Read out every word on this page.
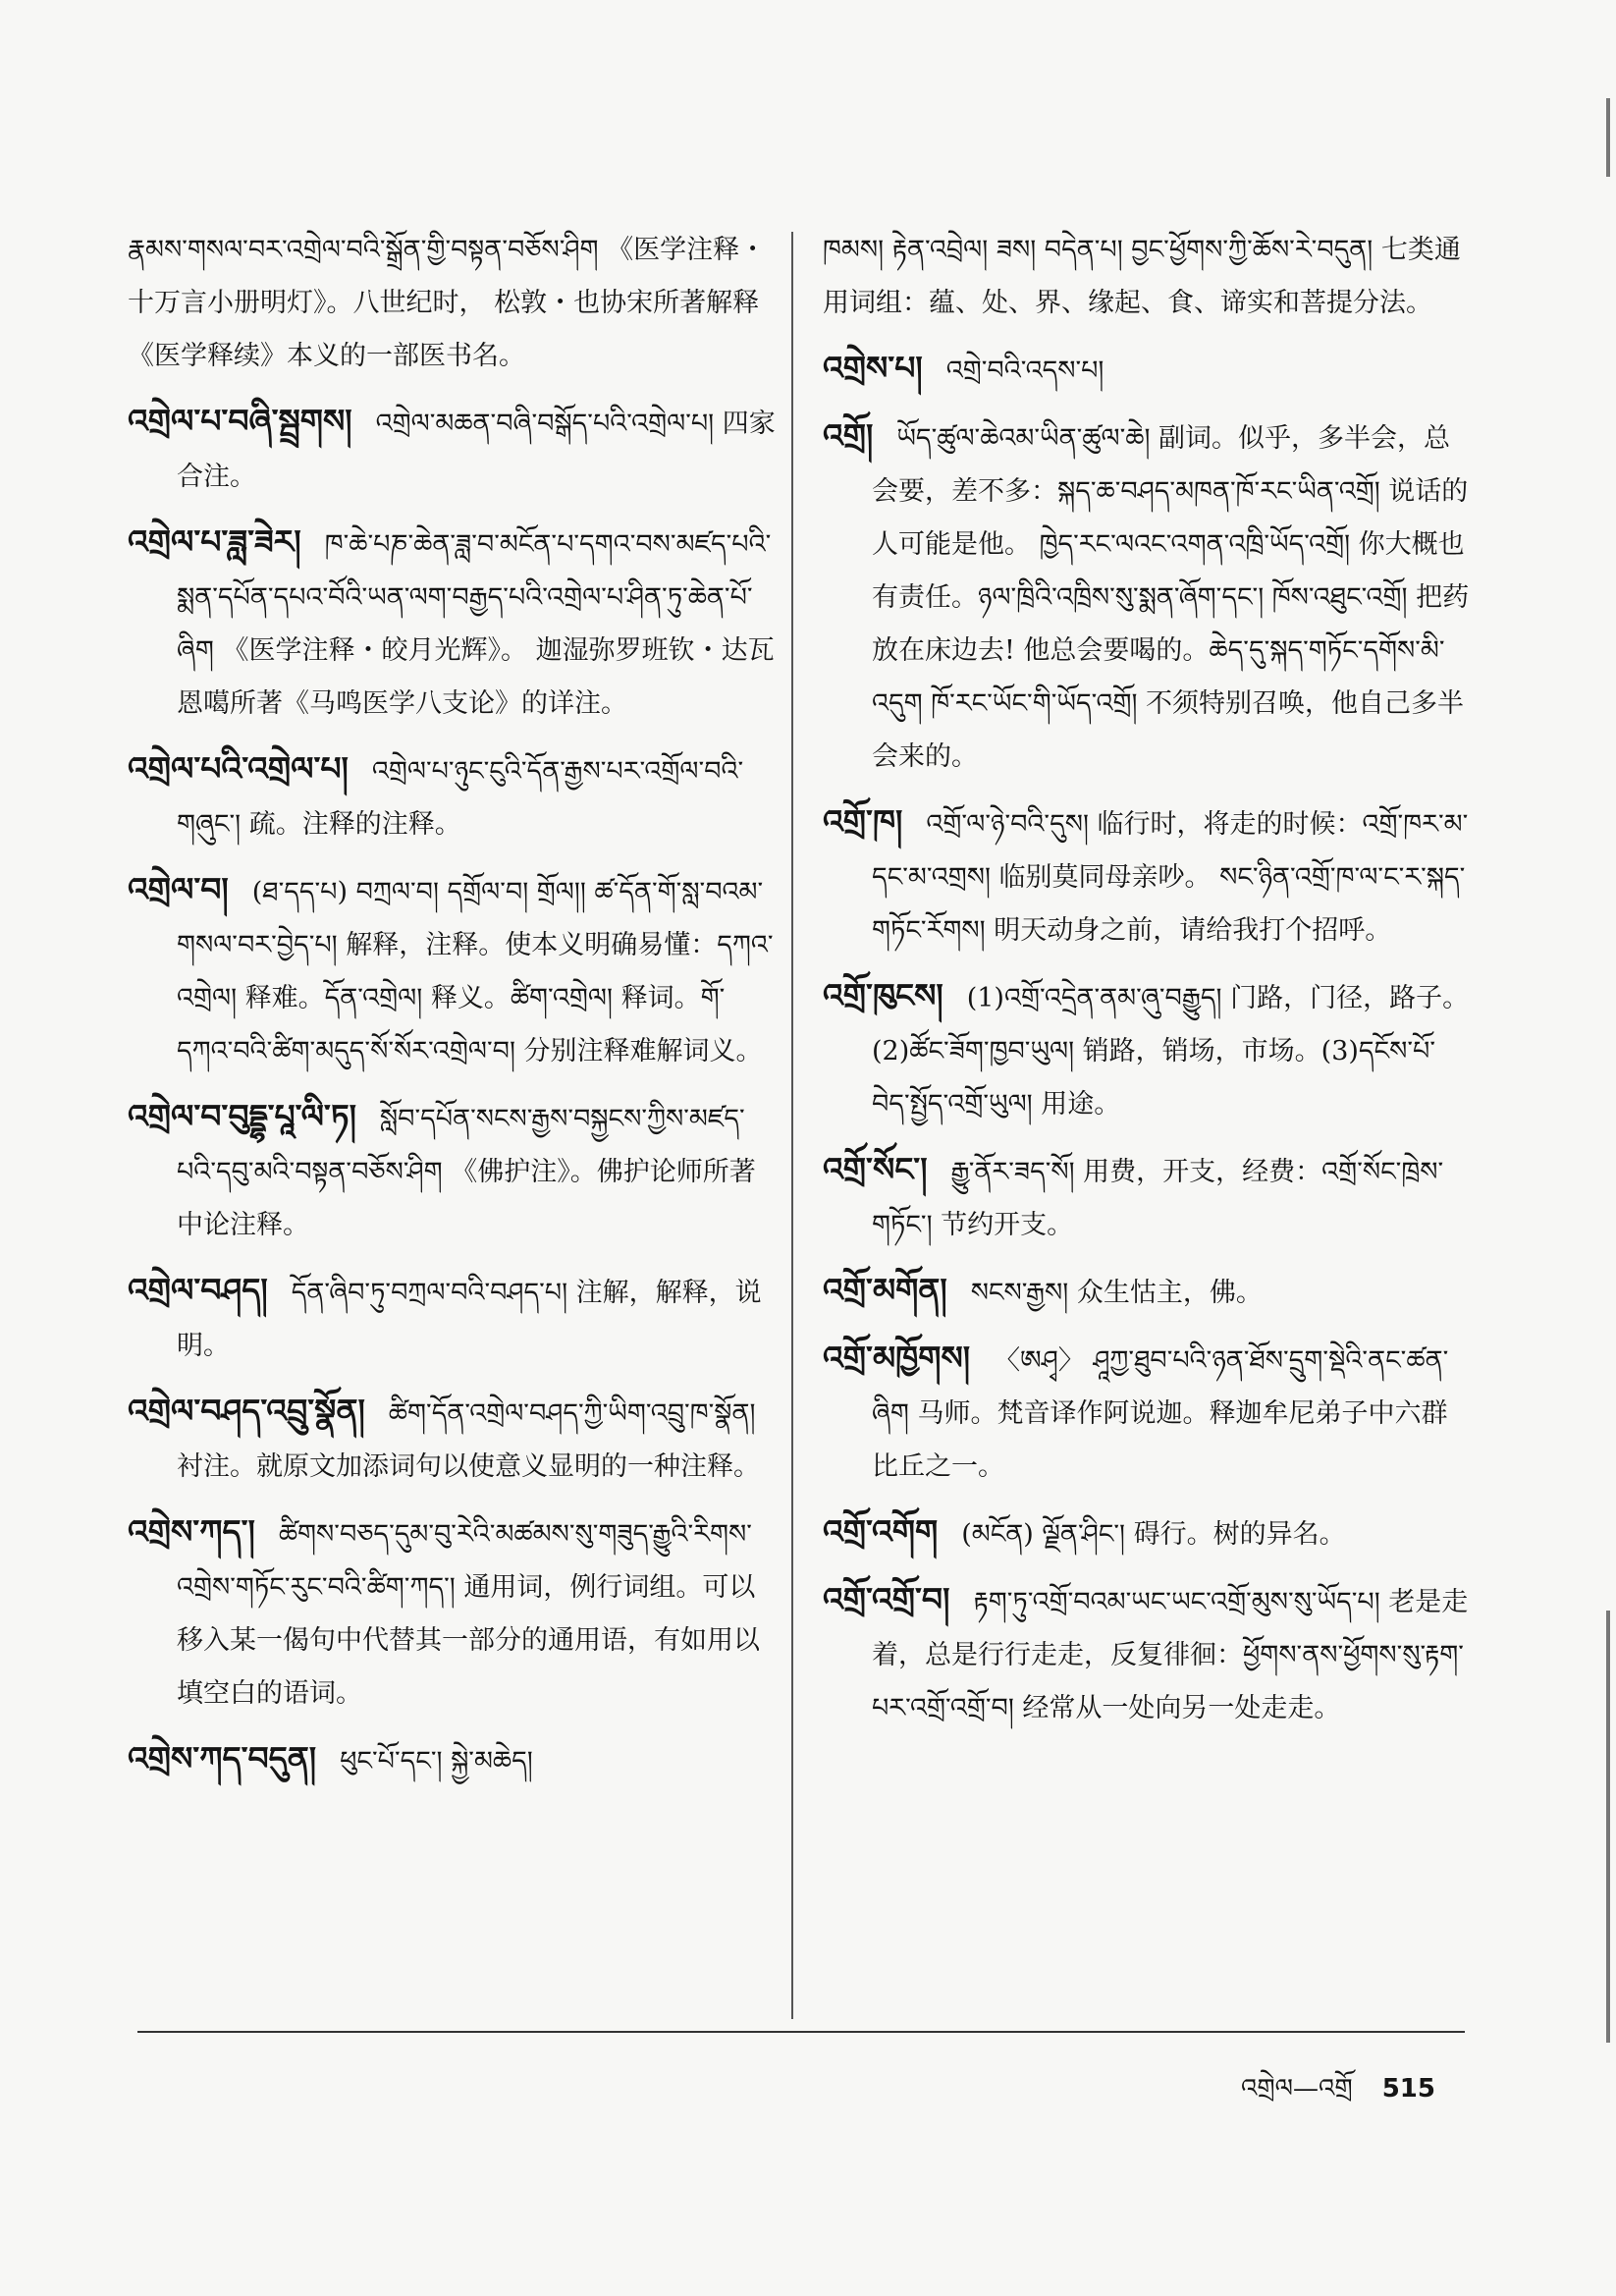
རྣམས་གསལ་བར་འགྲེལ་བའི་སྒྲོན་གྱི་བསྟན་བཅོས་ཤིག 《医学注释・十万言小册明灯》。八世纪时， 松敦・也协宋所著解释《医学释续》本义的一部医书名。
འགྲེལ་པ་བཞི་སྦྲགས། འགྲེལ་མཆན་བཞི་བསྒོད་པའི་འགྲེལ་པ། 四家合注。
འགྲེལ་པ་ཟླ་ཟེར། ཁ་ཆེ་པཎ་ཆེན་ཟླ་བ་མངོན་པ་དགའ་བས་མཛད་པའི་སྨན་དཔོན་དཔའ་བོའི་ཡན་ལག་བརྒྱད་པའི་འགྲེལ་པ་ཤིན་ཏུ་ཆེན་པོ་ཞིག 《医学注释・皎月光辉》。 迦湿弥罗班钦・达瓦恩噶所著《马鸣医学八支论》的详注。
འགྲེལ་པའི་འགྲེལ་པ། འགྲེལ་པ་ཉུང་ངུའི་དོན་རྒྱས་པར་འགྲོལ་བའི་གཞུང་། 疏。注释的注释。
འགྲེལ་བ། (ཐ་དད་པ) བཀྲལ་བ། དགྲོལ་བ། གྲོལ།། ཚ་དོན་གོ་སླ་བའམ་གསལ་བར་བྱེད་པ། 解释，注释。使本义明确易懂：དཀའ་འགྲེལ། 释难。དོན་འགྲེལ། 释义。ཚིག་འགྲེལ། 释词。གོ་དཀའ་བའི་ཚིག་མདུད་སོ་སོར་འགྲེལ་བ། 分别注释难解词义。
འགྲེལ་བ་བུདྡྷ་པཱ་ལི་ཏ། སློབ་དཔོན་སངས་རྒྱས་བསྐྱངས་ཀྱིས་མཛད་པའི་དབུ་མའི་བསྟན་བཅོས་ཤིག 《佛护注》。佛护论师所著中论注释。
འགྲེལ་བཤད། དོན་ཞིབ་ཏུ་བཀྲལ་བའི་བཤད་པ། 注解，解释，说明。
འགྲེལ་བཤད་འབྲུ་སྣོན། ཚིག་དོན་འགྲེལ་བཤད་ཀྱི་ཡིག་འབྲུ་ཁ་སྣོན། 衬注。就原文加添词句以使意义显明的一种注释。
འགྲེས་ཀད་། ཚིགས་བཅད་དུམ་བུ་རེའི་མཚམས་སུ་གཟུད་རྒྱུའི་རིགས་འགྲེས་གཏོང་རུང་བའི་ཚིག་ཀད་། 通用词，例行词组。可以移入某一偈句中代替其一部分的通用语，有如用以填空白的语词。
འགྲེས་ཀད་བདུན། ཕུང་པོ་དང་། སྐྱེ་མཆེད།
ཁམས། རྟེན་འབྲེལ། ཟས། བདེན་པ། བྱང་ཕྱོགས་ཀྱི་ཆོས་རེ་བདུན། 七类通用词组：蕴、处、界、缘起、食、谛实和菩提分法。
འགྲེས་པ། འགྲེ་བའི་འདས་པ།
འགྲོ། ཡོད་ཚུལ་ཆེའམ་ཡིན་ཚུལ་ཆེ། 副词。似乎，多半会，总会要，差不多：སྐད་ཆ་བཤད་མཁན་ཁོ་རང་ཡིན་འགྲོ། 说话的人可能是他。 ཁྱེད་རང་ལའང་འགན་འཁྲི་ཡོད་འགྲོ། 你大概也有责任。ཉལ་ཁྲིའི་འཁྲིས་སུ་སྨན་ཞོག་དང་། ཁོས་འཐུང་འགྲོ། 把药放在床边去! 他总会要喝的。ཆེད་དུ་སྐད་གཏོང་དགོས་མི་འདུག ཁོ་རང་ཡོང་གི་ཡོད་འགྲོ། 不须特别召唤，他自己多半会来的。
འགྲོ་ཁ། འགྲོ་ལ་ཉེ་བའི་དུས། 临行时，将走的时候：འགྲོ་ཁར་མ་དང་མ་འགྲས། 临别莫同母亲吵。 སང་ཉིན་འགྲོ་ཁ་ལ་ང་ར་སྐད་གཏོང་རོགས། 明天动身之前，请给我打个招呼。
འགྲོ་ཁུངས། (1)འགྲོ་འདྲེན་ནམ་ཞུ་བརྒྱུད། 门路，门径，路子。(2)ཚོང་ཟོག་ཁྱབ་ཡུལ། 销路，销场，市场。(3)དངོས་པོ་བེད་སྤྱོད་འགྲོ་ཡུལ། 用途。
འགྲོ་སོང་། རྒྱུ་ནོར་ཟད་སོ། 用费，开支，经费：འགྲོ་སོང་ཁྲེས་གཏོང་། 节约开支。
འགྲོ་མགོན། སངས་རྒྱས། 众生怙主，佛。
འགྲོ་མཁྱོགས། 〈ཨཤྭ〉 ཤཱཀྱ་ཐུབ་པའི་ཉན་ཐོས་དྲུག་སྡེའི་ནང་ཚན་ཞིག 马师。梵音译作阿说迦。释迦牟尼弟子中六群比丘之一。
འགྲོ་འགོག (མངོན) ལྗོན་ཤིང་། 碍行。树的异名。
འགྲོ་འགྲོ་བ། རྟག་ཏུ་འགྲོ་བའམ་ཡང་ཡང་འགྲོ་མུས་སུ་ཡོད་པ། 老是走着，总是行行走走，反复徘徊：ཕྱོགས་ནས་ཕྱོགས་སུ་རྟག་པར་འགྲོ་འགྲོ་བ། 经常从一处向另一处走走。
འགྲེལ—འགྲོ 515
